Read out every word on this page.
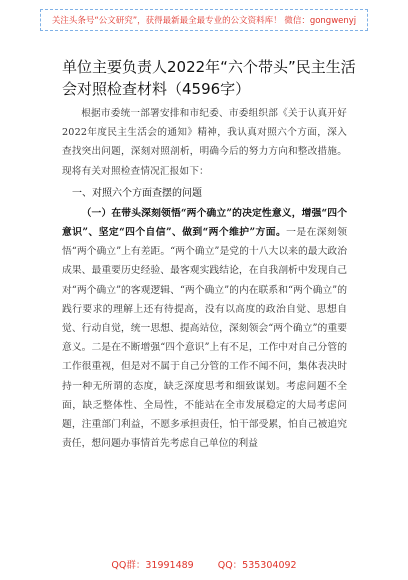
关注头条号“公文研究”，获得最新最全最专业的公文资料库！ 微信：gongwenyj
单位主要负责人2022年“六个带头”民主生活会对照检查材料（4596字）

根据市委统一部署安排和市纪委、市委组织部《关于认真开好2022年度民主生活会的通知》精神，我认真对照六个方面，深入查找突出问题，深刻对照剖析，明确今后的努力方向和整改措施。现将有关对照检查情况汇报如下：

一、对照六个方面查摆的问题

（一）在带头深刻领悟“两个确立”的决定性意义，增强“四个意识”、坚定“四个自信”、做到“两个维护”方面。一是在深刻领悟“两个确立”上有差距。“两个确立”是党的十八大以来的最大政治成果、最重要历史经验、最客观实践结论，在自我剖析中发现自己对“两个确立”的客观逻辑、“两个确立”的内在联系和“两个确立”的践行要求的理解上还有待提高，没有以高度的政治自觉、思想自觉、行动自觉，统一思想、提高站位，深刻领会“两个确立”的重要意义。二是在不断增强“四个意识”上有不足，工作中对自己分管的工作很重视，但是对不属于自己分管的工作不闻不问，集体表决时持一种无所谓的态度，缺乏深度思考和细致谋划。考虑问题不全面，缺乏整体性、全局性，不能站在全市发展稳定的大局考虑问题，注重部门利益，不愿多承担责任，怕干部受累，怕自己被追究责任，想问题办事情首先考虑自己单位的利益

QQ群：31991489	QQ：535304092
